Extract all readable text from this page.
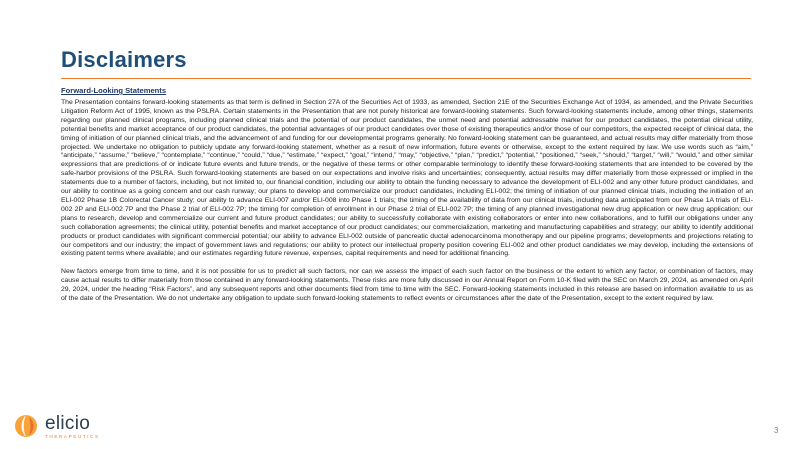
Disclaimers
Forward-Looking Statements

The Presentation contains forward-looking statements as that term is defined in Section 27A of the Securities Act of 1933, as amended, Section 21E of the Securities Exchange Act of 1934, as amended, and the Private Securities Litigation Reform Act of 1995, known as the PSLRA. Certain statements in the Presentation that are not purely historical are forward-looking statements. Such forward-looking statements include, among other things, statements regarding our planned clinical programs, including planned clinical trials and the potential of our product candidates, the unmet need and potential addressable market for our product candidates, the potential clinical utility, potential benefits and market acceptance of our product candidates, the potential advantages of our product candidates over those of existing therapeutics and/or those of our competitors, the expected receipt of clinical data, the timing of initiation of our planned clinical trials, and the advancement of and funding for our developmental programs generally. No forward-looking statement can be guaranteed, and actual results may differ materially from those projected. We undertake no obligation to publicly update any forward-looking statement, whether as a result of new information, future events or otherwise, except to the extent required by law. We use words such as “aim,” “anticipate,” “assume,” “believe,” “contemplate,” “continue,” “could,” “due,” “estimate,” “expect,” “goal,” “intend,” “may,” “objective,” “plan,” “predict,” “potential,” “positioned,” “seek,” “should,” “target,” “will,” “would,” and other similar expressions that are predictions of or indicate future events and future trends, or the negative of these terms or other comparable terminology to identify these forward-looking statements that are intended to be covered by the safe-harbor provisions of the PSLRA. Such forward-looking statements are based on our expectations and involve risks and uncertainties; consequently, actual results may differ materially from those expressed or implied in the statements due to a number of factors, including, but not limited to, our financial condition, including our ability to obtain the funding necessary to advance the development of ELI-002 and any other future product candidates, and our ability to continue as a going concern and our cash runway; our plans to develop and commercialize our product candidates, including ELI-002; the timing of initiation of our planned clinical trials, including the initiation of an ELI-002 Phase 1B Colorectal Cancer study; our ability to advance ELI-007 and/or ELI-008 into Phase 1 trials; the timing of the availability of data from our clinical trials, including data anticipated from our Phase 1A trials of ELI-002 2P and ELI-002 7P and the Phase 2 trial of ELI-002 7P; the timing for completion of enrollment in our Phase 2 trial of ELI-002 7P; the timing of any planned investigational new drug application or new drug application; our plans to research, develop and commercialize our current and future product candidates; our ability to successfully collaborate with existing collaborators or enter into new collaborations, and to fulfill our obligations under any such collaboration agreements; the clinical utility, potential benefits and market acceptance of our product candidates; our commercialization, marketing and manufacturing capabilities and strategy; our ability to identify additional products or product candidates with significant commercial potential; our ability to advance ELI-002 outside of pancreatic ductal adenocarcinoma monotherapy and our pipeline programs; developments and projections relating to our competitors and our industry; the impact of government laws and regulations; our ability to protect our intellectual property position covering ELI-002 and other product candidates we may develop, including the extensions of existing patent terms where available; and our estimates regarding future revenue, expenses, capital requirements and need for additional financing.

New factors emerge from time to time, and it is not possible for us to predict all such factors, nor can we assess the impact of each such factor on the business or the extent to which any factor, or combination of factors, may cause actual results to differ materially from those contained in any forward-looking statements. These risks are more fully discussed in our Annual Report on Form 10-K filed with the SEC on March 29, 2024, as amended on April 29, 2024, under the heading “Risk Factors”, and any subsequent reports and other documents filed from time to time with the SEC. Forward-looking statements included in this release are based on information available to us as of the date of the Presentation. We do not undertake any obligation to update such forward-looking statements to reflect events or circumstances after the date of the Presentation, except to the extent required by law.

elicio
THERAPEUTICS
3
